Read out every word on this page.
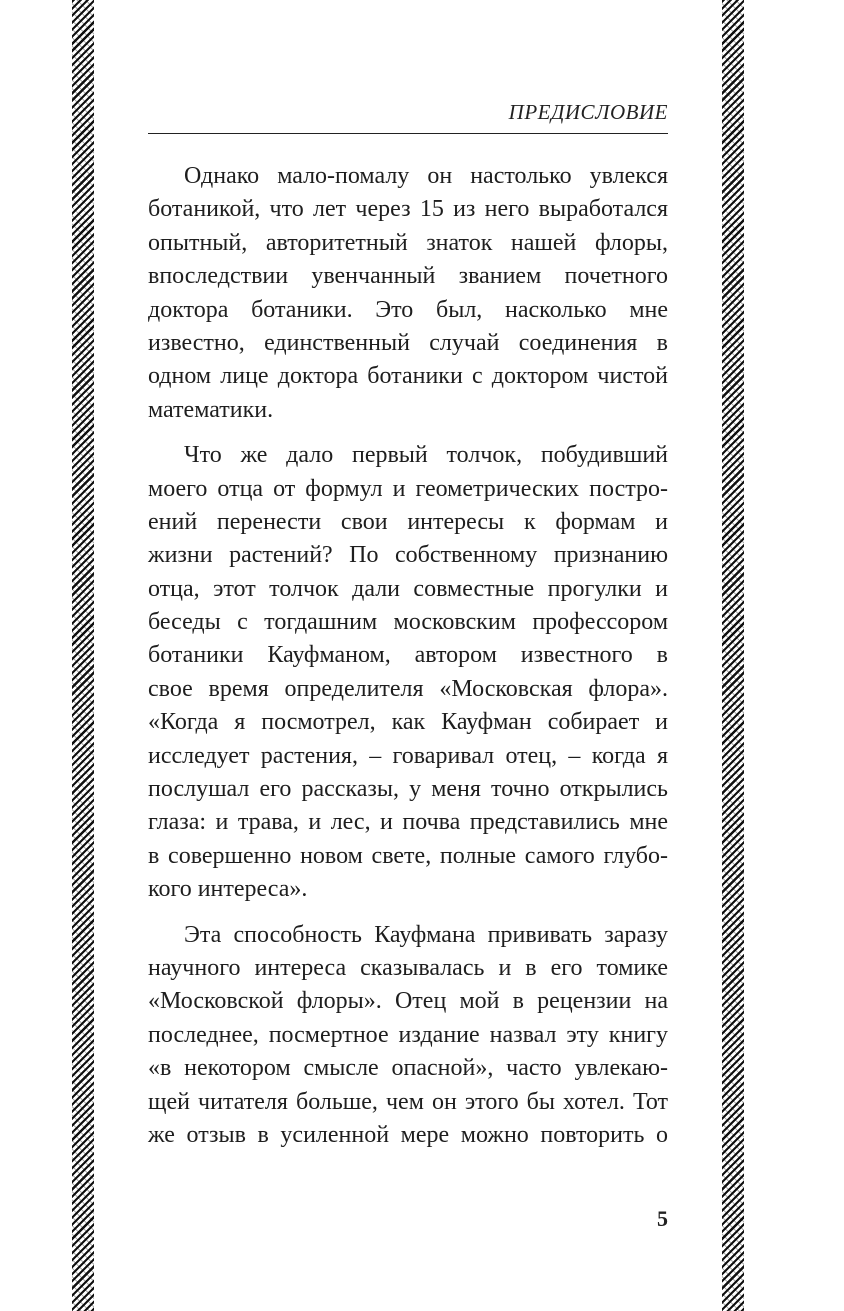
ПРЕДИСЛОВИЕ
Однако мало-помалу он настолько увлекся
ботаникой, что лет через 15 из него выработался
опытный, авторитетный знаток нашей флоры,
впоследствии увенчанный званием почетного
доктора ботаники. Это был, насколько мне
известно, единственный случай соединения в
одном лице доктора ботаники с доктором чистой
математики.
Что же дало первый толчок, побудивший
моего отца от формул и геометрических постро-
ений перенести свои интересы к формам и
жизни растений? По собственному признанию
отца, этот толчок дали совместные прогулки и
беседы с тогдашним московским профессором
ботаники Кауфманом, автором известного в
свое время определителя «Московская флора».
«Когда я посмотрел, как Кауфман собирает и
исследует растения, – говаривал отец, – когда я
послушал его рассказы, у меня точно открылись
глаза: и трава, и лес, и почва представились мне
в совершенно новом свете, полные самого глубо-
кого интереса».
Эта способность Кауфмана прививать заразу
научного интереса сказывалась и в его томике
«Московской флоры». Отец мой в рецензии на
последнее, посмертное издание назвал эту книгу
«в некотором смысле опасной», часто увлекаю-
щей читателя больше, чем он этого бы хотел. Тот
же отзыв в усиленной мере можно повторить о
5
